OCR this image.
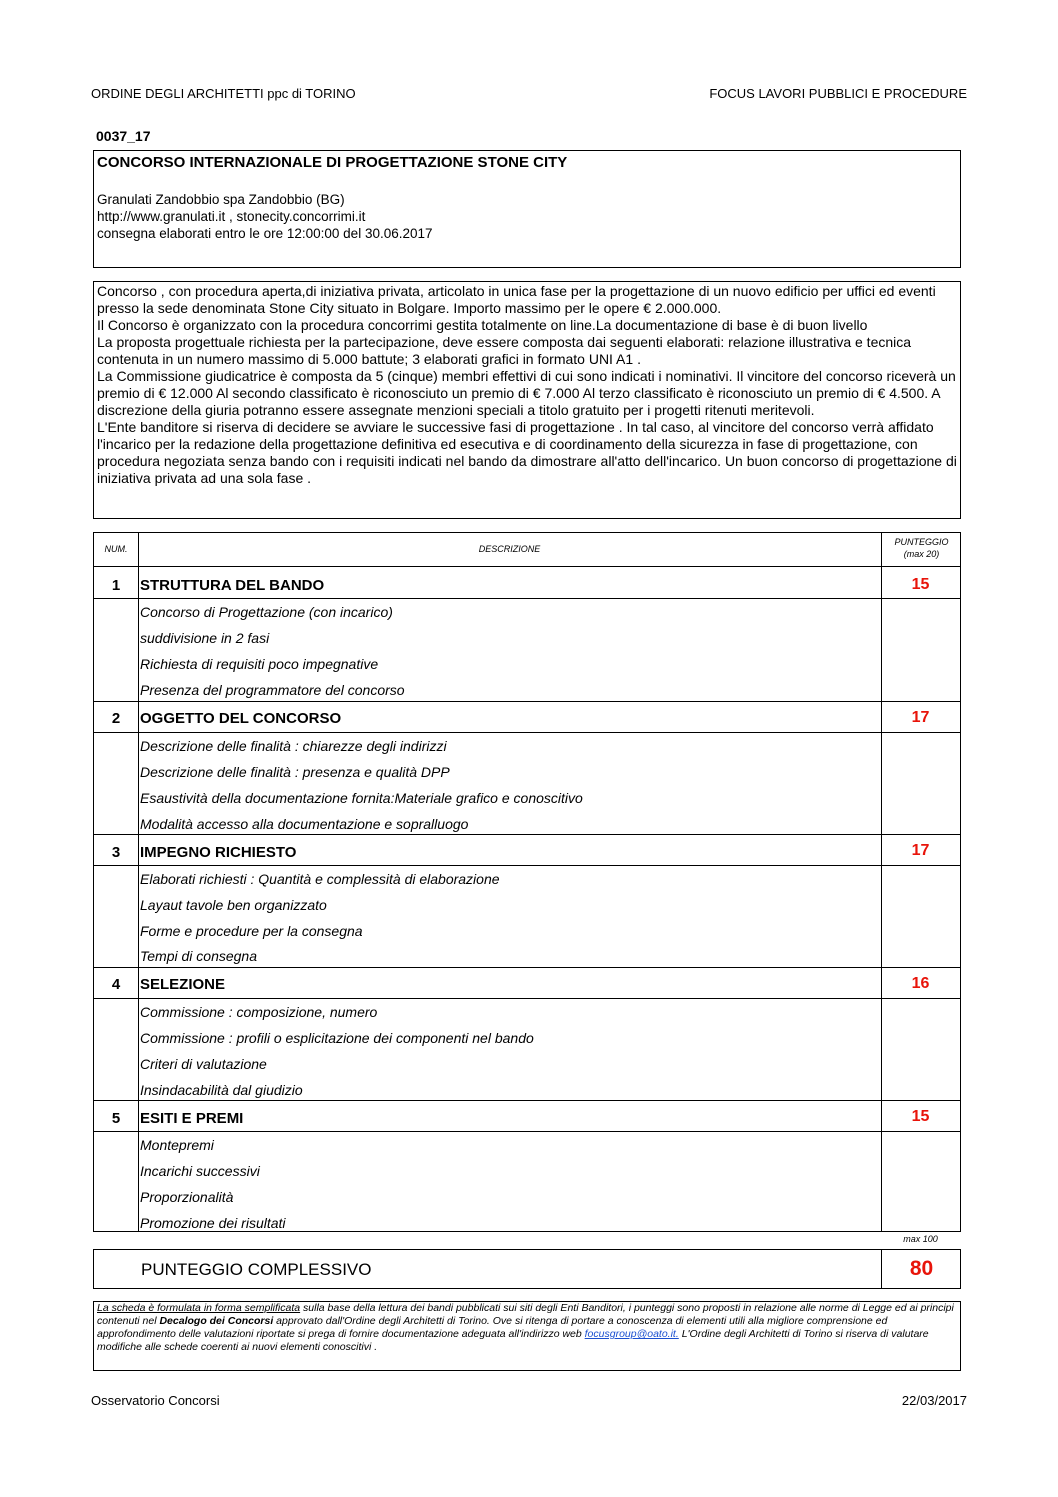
ORDINE DEGLI ARCHITETTI ppc di TORINO	FOCUS LAVORI PUBBLICI E PROCEDURE
0037_17
CONCORSO INTERNAZIONALE DI PROGETTAZIONE STONE CITY
Granulati Zandobbio spa Zandobbio (BG)
http://www.granulati.it , stonecity.concorrimi.it
consegna elaborati entro le ore 12:00:00 del 30.06.2017

Concorso , con procedura aperta,di iniziativa privata, articolato in unica fase per la progettazione di un nuovo edificio per uffici ed eventi presso la sede denominata Stone City situato in Bolgare. Importo massimo per le opere € 2.000.000.

Il Concorso è organizzato con la procedura concorrimi gestita totalmente on line.La documentazione di base è di buon livello

La proposta progettuale richiesta per la partecipazione, deve essere composta dai seguenti elaborati: relazione illustrativa e tecnica contenuta in un numero massimo di 5.000 battute; 3 elaborati grafici in formato UNI A1 .

La Commissione giudicatrice è composta da 5 (cinque) membri effettivi di cui sono indicati i nominativi. Il vincitore del concorso riceverà un premio di € 12.000 Al secondo classificato è riconosciuto un premio di € 7.000 Al terzo classificato è riconosciuto un premio di € 4.500. A discrezione della giuria potranno essere assegnate menzioni speciali a titolo gratuito per i progetti ritenuti meritevoli.

L'Ente banditore si riserva di decidere se avviare le successive fasi di progettazione . In tal caso, al vincitore del concorso verrà affidato l'incarico per la redazione della progettazione definitiva ed esecutiva e di coordinamento della sicurezza in fase di progettazione, con procedura negoziata senza bando con i requisiti indicati nel bando da dimostrare all'atto dell'incarico. Un buon concorso di progettazione di iniziativa privata ad una sola fase .

NUM.	DESCRIZIONE
PUNTEGGIO
(max 20)
1	STRUTTURA DEL BANDO	15
Concorso di Progettazione (con incarico)
suddivisione in 2 fasi
Richiesta di requisiti poco impegnative
Presenza del programmatore del concorso
2	OGGETTO DEL CONCORSO	17
Descrizione delle finalità : chiarezze degli indirizzi
Descrizione delle finalità : presenza e qualità DPP
Esaustività della documentazione fornita:Materiale grafico e conoscitivo
Modalità accesso alla documentazione e sopralluogo
3	IMPEGNO RICHIESTO	17
Elaborati richiesti : Quantità e complessità di elaborazione
Layaut tavole ben organizzato
Forme e procedure per la consegna
Tempi di consegna
4	SELEZIONE	16
Commissione : composizione, numero
Commissione : profili o esplicitazione dei componenti nel bando
Criteri di valutazione
Insindacabilità dal giudizio
5	ESITI E PREMI	15
Montepremi
Incarichi successivi
Proporzionalità
Promozione dei risultati
max 100
PUNTEGGIO COMPLESSIVO	80
La scheda è formulata in forma semplificata sulla base della lettura dei bandi pubblicati sui siti degli Enti Banditori, i punteggi sono proposti in relazione alle norme di Legge ed ai principi contenuti nel Decalogo dei Concorsi approvato dall'Ordine degli Architetti di Torino. Ove si ritenga di portare a conoscenza di elementi utili alla migliore comprensione ed approfondimento delle valutazioni riportate si prega di fornire documentazione adeguata all'indirizzo web focusgroup@oato.it. L'Ordine degli Architetti di Torino si riserva di valutare modifiche alle schede coerenti ai nuovi elementi conoscitivi .
Osservatorio Concorsi	22/03/2017
